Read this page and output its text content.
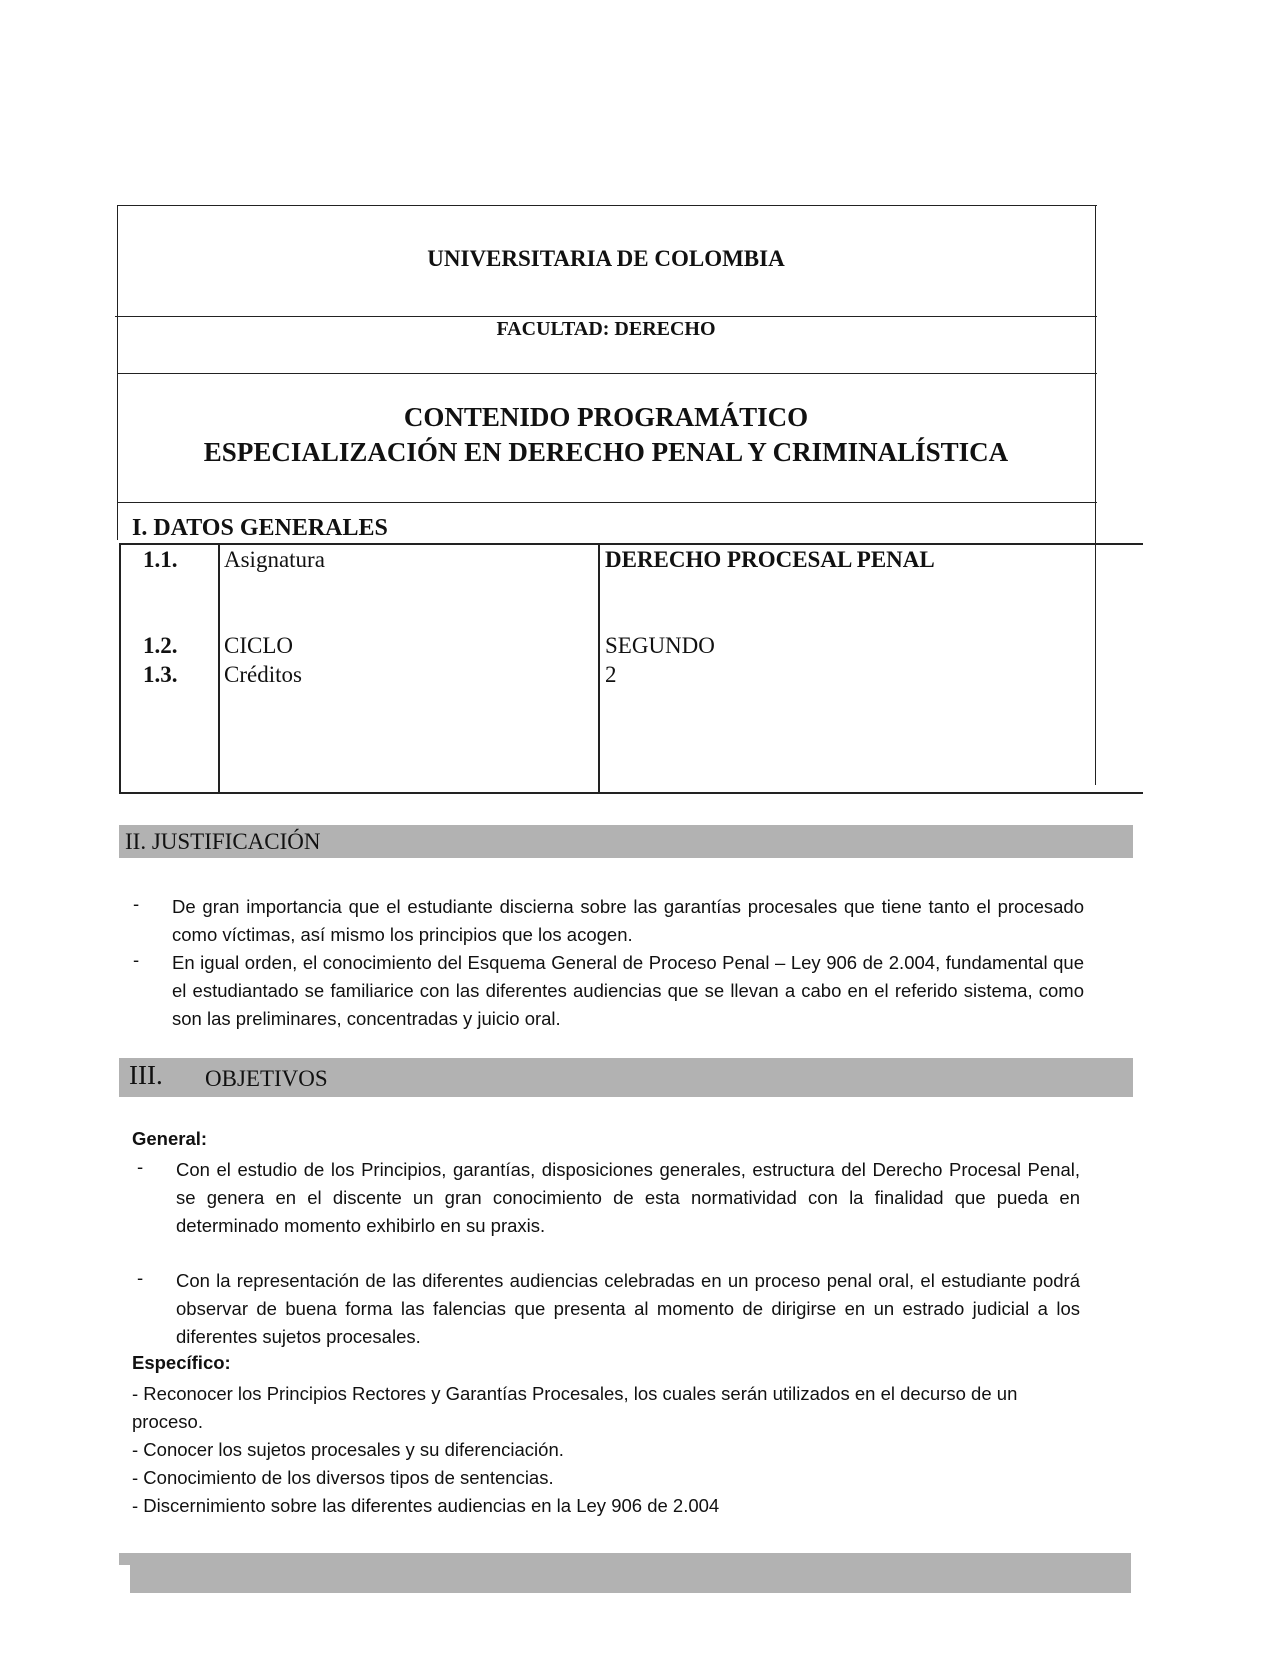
UNIVERSITARIA DE COLOMBIA
FACULTAD: DERECHO
CONTENIDO PROGRAMÁTICO
ESPECIALIZACIÓN EN DERECHO PENAL Y CRIMINALÍSTICA
I. DATOS GENERALES
1.1. Asignatura	DERECHO PROCESAL PENAL
1.2. CICLO	SEGUNDO
1.3. Créditos	2
II. JUSTIFICACIÓN
- De gran importancia que el estudiante discierna sobre las garantías procesales que tiene tanto el procesado como víctimas, así mismo los principios que los acogen.

- En igual orden, el conocimiento del Esquema General de Proceso Penal – Ley 906 de 2.004, fundamental que el estudiantado se familiarice con las diferentes audiencias que se llevan a cabo en el referido sistema, como son las preliminares, concentradas y juicio oral.

III. OBJETIVOS
General:
- Con el estudio de los Principios, garantías, disposiciones generales, estructura del Derecho Procesal Penal, se genera en el discente un gran conocimiento de esta normatividad con la finalidad que pueda en determinado momento exhibirlo en su praxis.

- Con la representación de las diferentes audiencias celebradas en un proceso penal oral, el estudiante podrá observar de buena forma las falencias que presenta al momento de dirigirse en un estrado judicial a los diferentes sujetos procesales.

Específico:

- Reconocer los Principios Rectores y Garantías Procesales, los cuales serán utilizados en el decurso de un proceso.

- Conocer los sujetos procesales y su diferenciación.

- Conocimiento de los diversos tipos de sentencias.

- Discernimiento sobre las diferentes audiencias en la Ley 906 de 2.004
